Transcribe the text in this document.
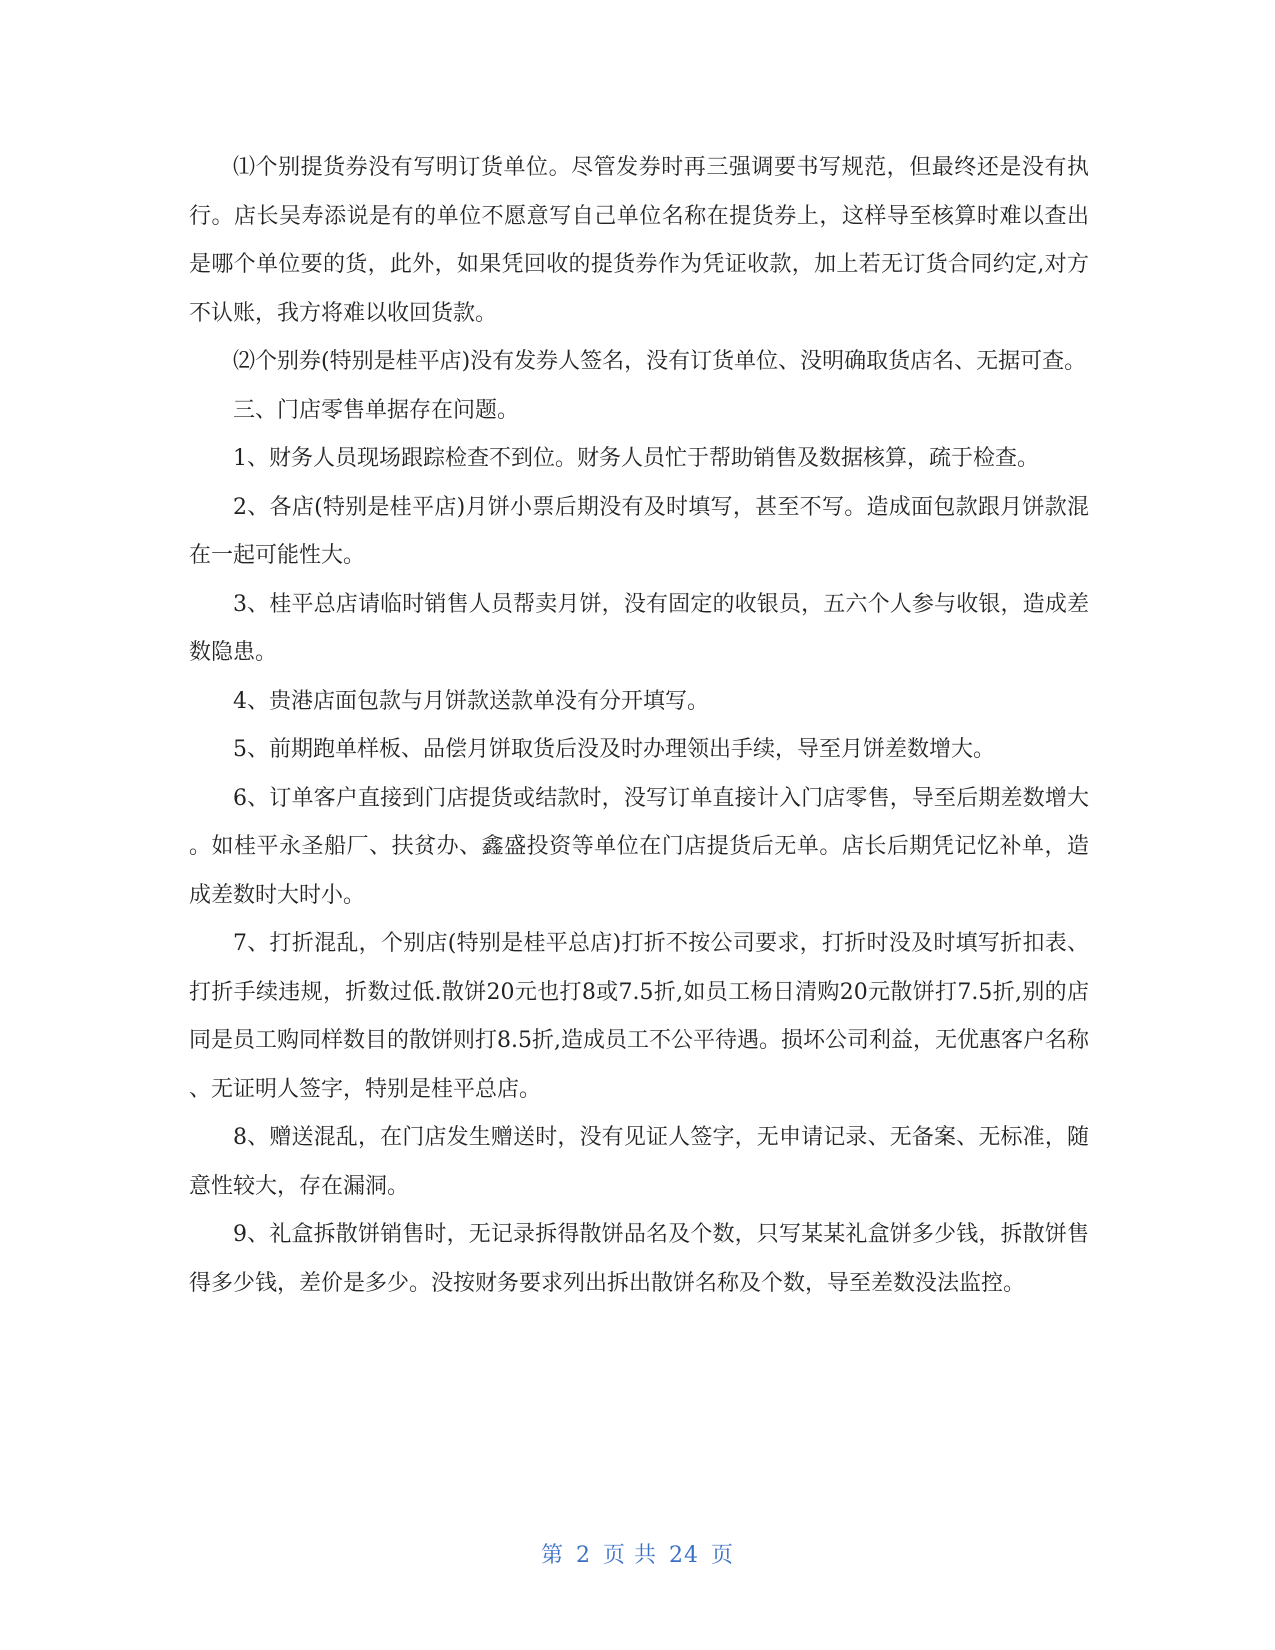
⑴个别提货券没有写明订货单位。尽管发券时再三强调要书写规范，但最终还是没有执行。店长吴寿添说是有的单位不愿意写自己单位名称在提货券上，这样导至核算时难以查出是哪个单位要的货，此外，如果凭回收的提货券作为凭证收款，加上若无订货合同约定,对方不认账，我方将难以收回货款。

⑵个别券(特别是桂平店)没有发券人签名，没有订货单位、没明确取货店名、无据可查。

三、门店零售单据存在问题。

1、财务人员现场跟踪检查不到位。财务人员忙于帮助销售及数据核算，疏于检查。

2、各店(特别是桂平店)月饼小票后期没有及时填写，甚至不写。造成面包款跟月饼款混在一起可能性大。

3、桂平总店请临时销售人员帮卖月饼，没有固定的收银员，五六个人参与收银，造成差数隐患。

4、贵港店面包款与月饼款送款单没有分开填写。

5、前期跑单样板、品偿月饼取货后没及时办理领出手续，导至月饼差数增大。

6、订单客户直接到门店提货或结款时，没写订单直接计入门店零售，导至后期差数增大。如桂平永圣船厂、扶贫办、鑫盛投资等单位在门店提货后无单。店长后期凭记忆补单，造成差数时大时小。

7、打折混乱，个别店(特别是桂平总店)打折不按公司要求，打折时没及时填写折扣表、打折手续违规，折数过低.散饼20元也打8或7.5折,如员工杨日清购20元散饼打7.5折,别的店同是员工购同样数目的散饼则打8.5折,造成员工不公平待遇。损坏公司利益，无优惠客户名称、无证明人签字，特别是桂平总店。

8、赠送混乱，在门店发生赠送时，没有见证人签字，无申请记录、无备案、无标准，随意性较大，存在漏洞。

9、礼盒拆散饼销售时，无记录拆得散饼品名及个数，只写某某礼盒饼多少钱，拆散饼售得多少钱，差价是多少。没按财务要求列出拆出散饼名称及个数，导至差数没法监控。

第 2 页 共 24 页
